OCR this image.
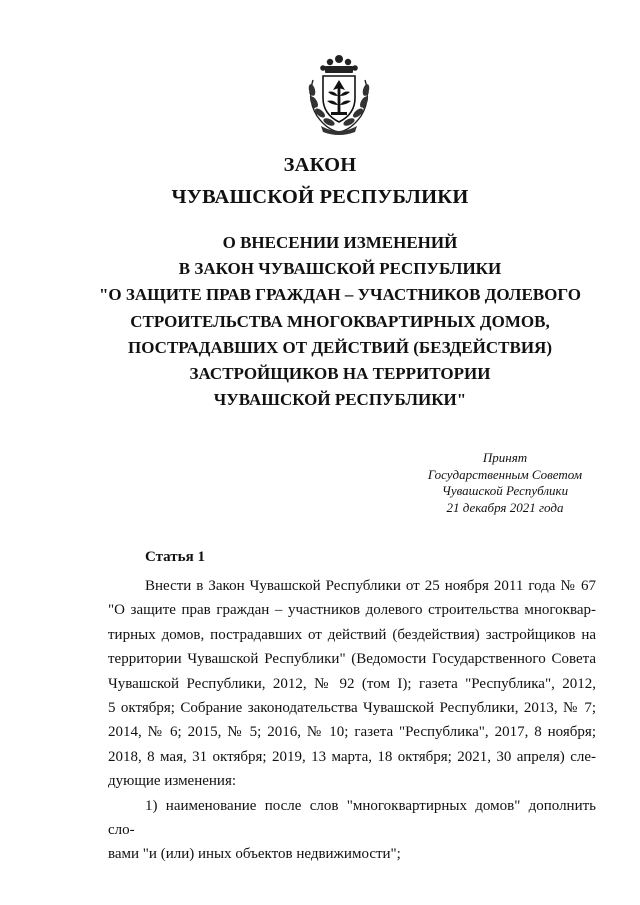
ЗАКОН
ЧУВАШСКОЙ РЕСПУБЛИКИ
О ВНЕСЕНИИ ИЗМЕНЕНИЙ
В ЗАКОН ЧУВАШСКОЙ РЕСПУБЛИКИ
"О ЗАЩИТЕ ПРАВ ГРАЖДАН – УЧАСТНИКОВ ДОЛЕВОГО
СТРОИТЕЛЬСТВА МНОГОКВАРТИРНЫХ ДОМОВ,
ПОСТРАДАВШИХ ОТ ДЕЙСТВИЙ (БЕЗДЕЙСТВИЯ)
ЗАСТРОЙЩИКОВ НА ТЕРРИТОРИИ
ЧУВАШСКОЙ РЕСПУБЛИКИ"
Принят
Государственным Советом
Чувашской Республики
21 декабря 2021 года
Статья 1

Внести в Закон Чувашской Республики от 25 ноября 2011 года № 67

"О защите прав граждан – участников долевого строительства многоквар-

тирных домов, пострадавших от действий (бездействия) застройщиков на

территории Чувашской Республики" (Ведомости Государственного Совета

Чувашской Республики, 2012, № 92 (том I); газета "Республика", 2012,

5 октября; Собрание законодательства Чувашской Республики, 2013, № 7;

2014, № 6; 2015, № 5; 2016, № 10; газета "Республика", 2017, 8 ноября;

2018, 8 мая, 31 октября; 2019, 13 марта, 18 октября; 2021, 30 апреля) сле-

дующие изменения:

1) наименование после слов "многоквартирных домов" дополнить сло-

вами "и (или) иных объектов недвижимости";
